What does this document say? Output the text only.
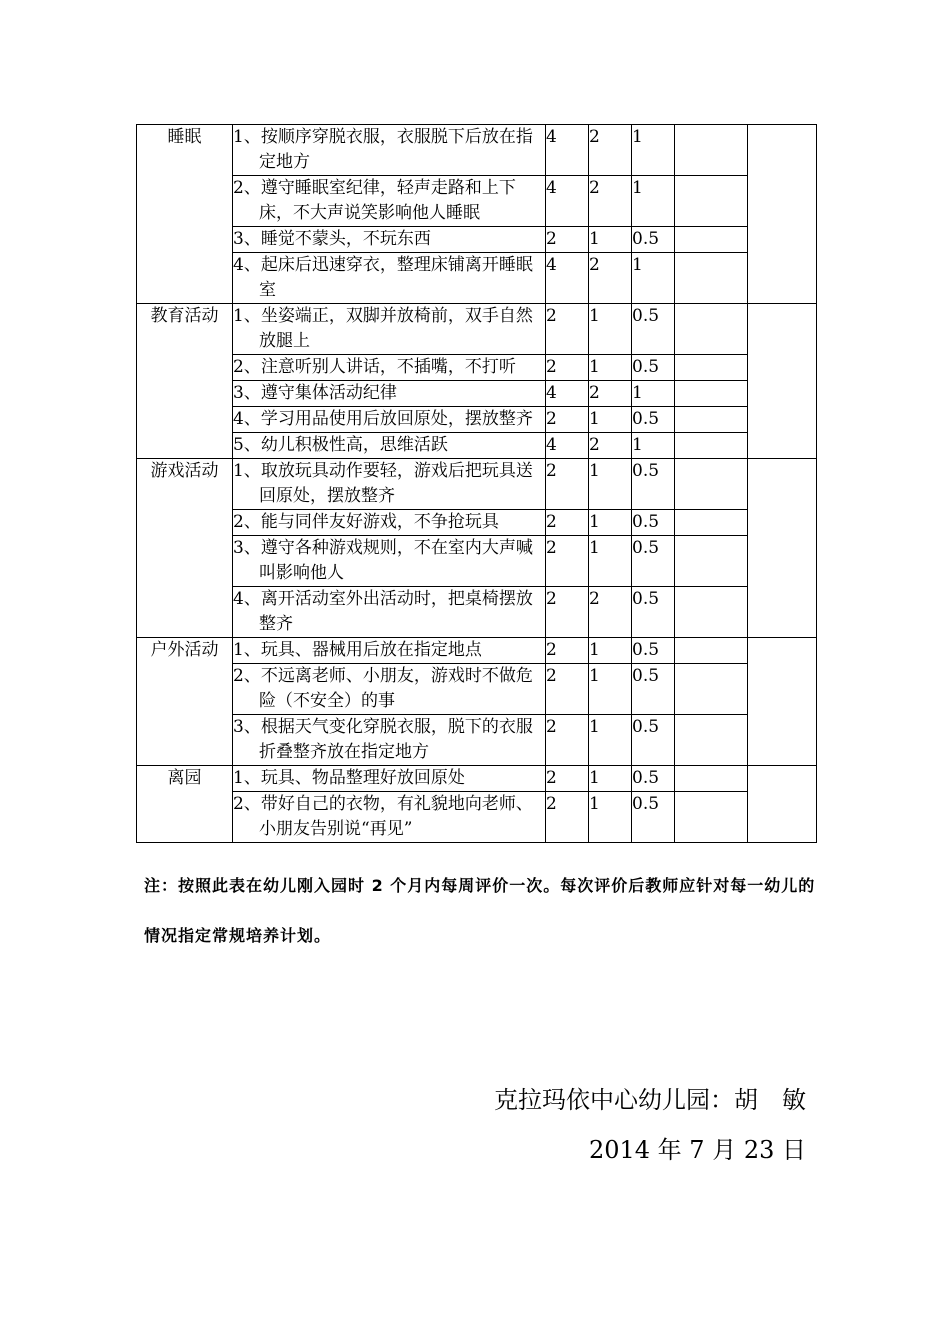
睡眠	1、按顺序穿脱衣服，衣服脱下后放在指定地方	4	2	1		

	2、遵守睡眠室纪律，轻声走路和上下床，不大声说笑影响他人睡眠	4	2	1		

	3、睡觉不蒙头，不玩东西	2	1	0.5		

	4、起床后迅速穿衣，整理床铺离开睡眠室	4	2	1		
教育活动	1、坐姿端正，双脚并放椅前，双手自然放腿上	2	1	0.5		

	2、注意听别人讲话，不插嘴，不打听	2	1	0.5		

	3、遵守集体活动纪律	4	2	1		

	4、学习用品使用后放回原处，摆放整齐	2	1	0.5		

	5、幼儿积极性高，思维活跃	4	2	1		
游戏活动	1、取放玩具动作要轻，游戏后把玩具送回原处，摆放整齐	2	1	0.5		

	2、能与同伴友好游戏，不争抢玩具	2	1	0.5		

	3、遵守各种游戏规则，不在室内大声喊叫影响他人	2	1	0.5		

	4、离开活动室外出活动时，把桌椅摆放整齐	2	2	0.5		
户外活动	1、玩具、器械用后放在指定地点	2	1	0.5		

	2、不远离老师、小朋友，游戏时不做危险（不安全）的事	2	1	0.5		

	3、根据天气变化穿脱衣服，脱下的衣服折叠整齐放在指定地方	2	1	0.5		
离园	1、玩具、物品整理好放回原处	2	1	0.5		

	2、带好自己的衣物，有礼貌地向老师、小朋友告别说“再见”	2	1	0.5		
注：按照此表在幼儿刚入园时 2 个月内每周评价一次。每次评价后教师应针对每一幼儿的情况指定常规培养计划。
克拉玛依中心幼儿园：胡　敏
2014 年 7 月 23 日
